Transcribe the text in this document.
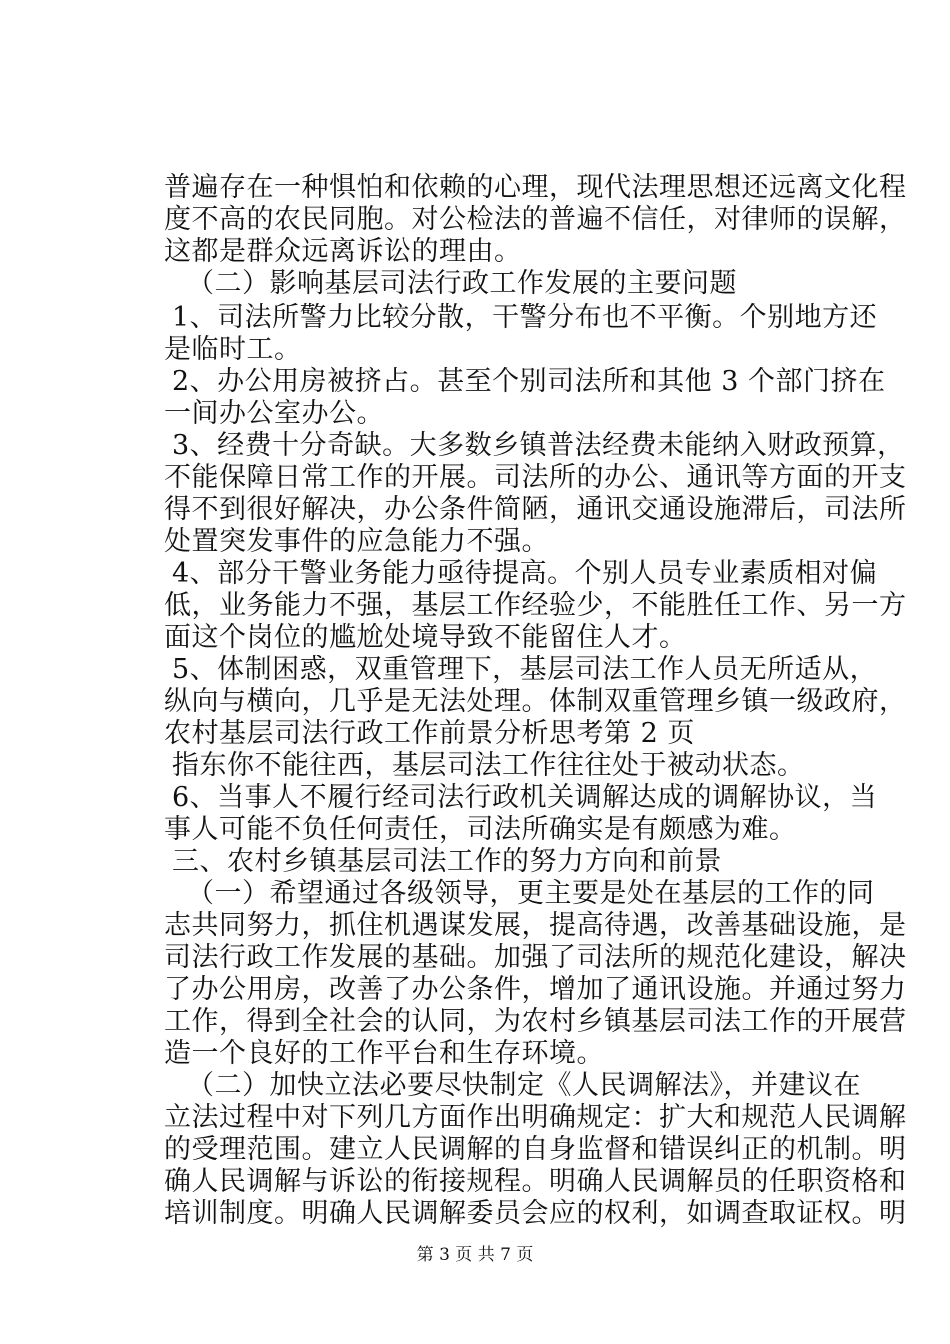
普遍存在一种惧怕和依赖的心理，现代法理思想还远离文化程
度不高的农民同胞。对公检法的普遍不信任，对律师的误解，
这都是群众远离诉讼的理由。
（二）影响基层司法行政工作发展的主要问题
1、司法所警力比较分散，干警分布也不平衡。个别地方还
是临时工。
2、办公用房被挤占。甚至个别司法所和其他 3 个部门挤在
一间办公室办公。
3、经费十分奇缺。大多数乡镇普法经费未能纳入财政预算，
不能保障日常工作的开展。司法所的办公、通讯等方面的开支
得不到很好解决，办公条件简陋，通讯交通设施滞后，司法所
处置突发事件的应急能力不强。
4、部分干警业务能力亟待提高。个别人员专业素质相对偏
低，业务能力不强，基层工作经验少，不能胜任工作、另一方
面这个岗位的尴尬处境导致不能留住人才。
5、体制困惑，双重管理下，基层司法工作人员无所适从，
纵向与横向，几乎是无法处理。体制双重管理乡镇一级政府，
农村基层司法行政工作前景分析思考第 2 页
指东你不能往西，基层司法工作往往处于被动状态。
6、当事人不履行经司法行政机关调解达成的调解协议，当
事人可能不负任何责任，司法所确实是有颇感为难。
三、农村乡镇基层司法工作的努力方向和前景
（一）希望通过各级领导，更主要是处在基层的工作的同
志共同努力，抓住机遇谋发展，提高待遇，改善基础设施，是
司法行政工作发展的基础。加强了司法所的规范化建设，解决
了办公用房，改善了办公条件，增加了通讯设施。并通过努力
工作，得到全社会的认同，为农村乡镇基层司法工作的开展营
造一个良好的工作平台和生存环境。
（二）加快立法必要尽快制定《人民调解法》，并建议在
立法过程中对下列几方面作出明确规定：扩大和规范人民调解
的受理范围。建立人民调解的自身监督和错误纠正的机制。明
确人民调解与诉讼的衔接规程。明确人民调解员的任职资格和
培训制度。明确人民调解委员会应的权利，如调查取证权。明
第 3 页 共 7 页
